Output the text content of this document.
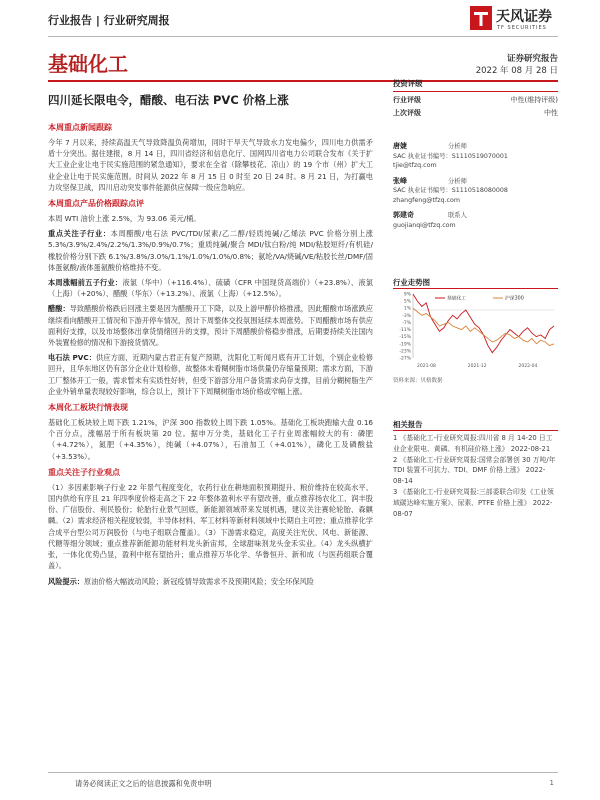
行业报告 | 行业研究周报	天风证券
TF SECURITIES
基础化工	证券研究报告
2022 年 08 月 28 日
四川延长限电令，醋酸、电石法 PVC 价格上涨
投资评级
行业评级	中性(维持评级)
上次评级	中性
唐婕	分析师
SAC 执业证书编号：S1110519070001
tjie@tfzq.com
张峰	分析师
SAC 执业证书编号：S1110518080008
zhangfeng@tfzq.com
郭建奇	联系人
guojianqi@tfzq.com
行业走势图
9%
5%
1%
-3%
-7%
-11%
-15%
-19%
-23%
-27%
2021-08	2021-12	2022-04
基础化工	沪深300
资料来源：贝格数据
相关报告
1 《基础化工-行业研究周报:四川省 8 月 14-20 日工业企业限电、黄磷、有机硅价格上涨》 2022-08-21
2 《基础化工-行业研究周报:国常会部署创 30 万吨/年 TDI 装置不可抗力、TDI、DMF 价格上涨》 2022-08-14
3 《基础化工-行业研究周报:三部委联合印发《工业领域碳达峰实施方案》、尿素、PTFE 价格上涨》 2022-08-07
本周重点新闻跟踪
今年 7 月以来，持续高温天气导致降温负荷增加，同时干旱天气导致水力发电偏少，四川电力供需矛盾十分突出。据住建报，8 月 14 日，四川省经济和信息化厅、国网四川省电力公司联合发布《关于扩大工业企业让电于民实施范围的紧急通知》，要求在全省（除攀枝花、凉山）的 19 个市（州）扩大工业企业让电于民实施范围。时间从 2022 年 8 月 15 日 0 时至 20 日 24 时。8 月 21 日，为打赢电力攻坚保卫战，四川启动突发事件能源供应保障一级应急响应。
本周重点产品价格跟踪点评
本周 WTI 油价上涨 2.5%，为 93.06 美元/桶。
重点关注子行业：本周醋酸/电石法 PVC/TDI/尿素/乙二醇/轻质纯碱/乙烯法 PVC 价格分别上涨 5.3%/3.9%/2.4%/2.2%/1.3%/0.9%/0.7%；重质纯碱/聚合 MDI/钛白粉/纯 MDI/粘胶短纤/有机硅/橡胶价格分别下跌 6.1%/3.8%/3.0%/1.1%/1.0%/1.0%/0.8%；氨纶/VA/烧碱/VE/粘胶长丝/DMF/固体蛋氨酸/液体蛋氨酸价格维持不变。
本周涨幅前五子行业：液氯（华中）（+116.4%）、硫磺（CFR 中国现货高端价）（+23.8%）、液氯（上海）（+20%）、醋酸（华东）（+13.2%）、液氯（上海）（+12.5%）。
醋酸：导致醋酸价格跌后回涨主要是因为醋酸开工下降，以及上游甲醇价格推涨，因此醋酸市场涨跌应继续看向醋酸开工情况和下游开停车情况，预计下周整体交投氛围延续本周涨势。下周醋酸市场有供应面利好支撑，以及市场整体出拿货情绪回升的支撑，预计下周醋酸价格稳步推涨，后期要持续关注国内外装置检修的情况和下游接货情况。
电石法 PVC：供应方面，近期内蒙古君正有复产预期，沈阳化工听闻月底有开工计划，个别企业检修回升，且华东地区仍有部分企业计划检修，故整体未看糊树脂市场供量仍存缩量预期；需求方面，下游工厂整体开工一般，需求暂未有实质性好转，但受下游部分用户备货需求尚存支撑，目前分糊树脂生产企业外销单量表现较好影响，综合以上，预计下下周糊树脂市场价格或窄幅上涨。
本周化工板块行情表现
基础化工板块较上周下跌 1.21%，沪深 300 指数较上周下跌 1.05%。基础化工板块跑输大盘 0.16 个百分点，涨幅居于所有板块第 20 位。据申万分类，基础化工子行业周涨幅较大的有：磷肥（+4.72%），氮肥（+4.35%），纯碱（+4.07%），石油加工（+4.01%），磷化工及磷酸盐（+3.53%）。
重点关注子行业观点
（1）多因素影响子行业 22 年景气程度变化，农药行业在耕地面积预期提升、粮价维持在较高水平、国内供给有序且 21 年四季度价格走高之下 22 年整体盈利水平有望改善，重点推荐扬农化工、润丰股份、广信股份、利民股份；轮胎行业景气回底，新能源领域带来发展机遇，建议关注赛轮轮胎、森麒麟。（2）需求经济相关程度较弱，半导体材料、军工材料等新材料领域中长期自主可控；重点推荐化学合成平台型公司万润股份（与电子组联合覆盖）。（3）下游需求稳定，高度关注光伏、风电、新能源、代糖等细分领域；重点推荐新能源功能材料龙头新宙邦，全球甜味剂龙头金禾实业。（4）龙头纵横扩张，一体化优势凸显，盈利中枢有望抬升；重点推荐万华化学、华鲁恒升、新和成（与医药组联合覆盖）。
风险提示：原油价格大幅波动风险；新冠疫情导致需求不及预期风险；安全环保风险
请务必阅读正文之后的信息披露和免责申明	1
